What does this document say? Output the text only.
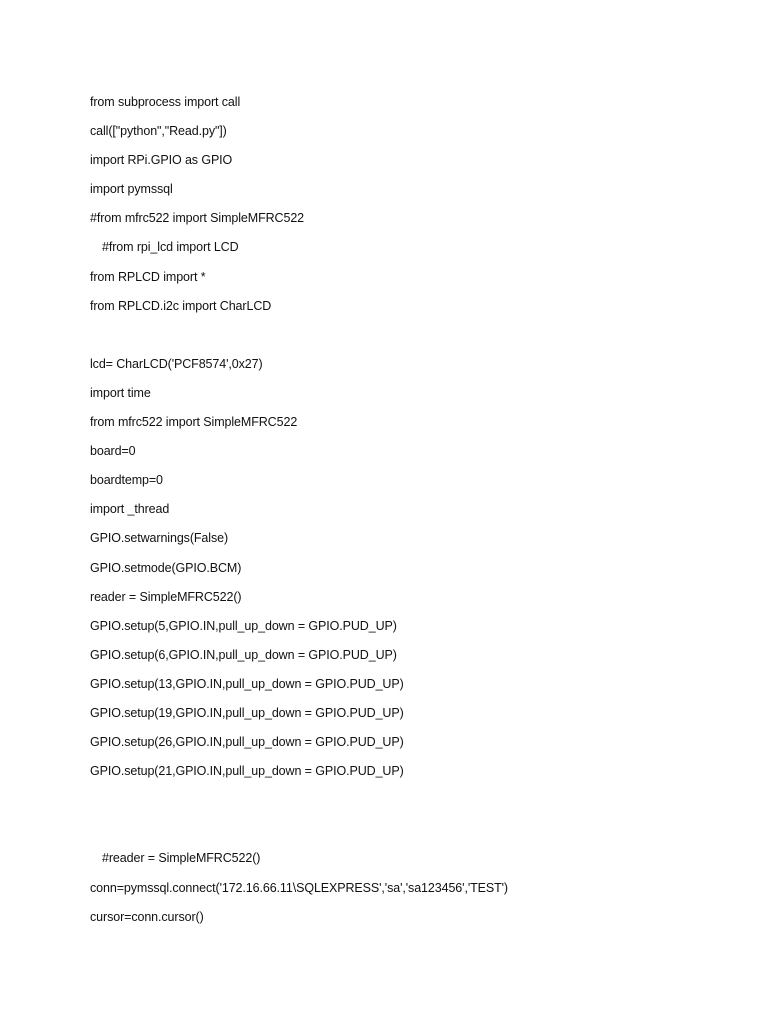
from subprocess import call
call(["python","Read.py"])
import RPi.GPIO as GPIO
import pymssql
#from mfrc522 import SimpleMFRC522
#from rpi_lcd import LCD
from RPLCD import *
from RPLCD.i2c import CharLCD
lcd= CharLCD('PCF8574',0x27)
import time
from mfrc522 import SimpleMFRC522
board=0
boardtemp=0
import _thread
GPIO.setwarnings(False)
GPIO.setmode(GPIO.BCM)
reader = SimpleMFRC522()
GPIO.setup(5,GPIO.IN,pull_up_down = GPIO.PUD_UP)
GPIO.setup(6,GPIO.IN,pull_up_down = GPIO.PUD_UP)
GPIO.setup(13,GPIO.IN,pull_up_down = GPIO.PUD_UP)
GPIO.setup(19,GPIO.IN,pull_up_down = GPIO.PUD_UP)
GPIO.setup(26,GPIO.IN,pull_up_down = GPIO.PUD_UP)
GPIO.setup(21,GPIO.IN,pull_up_down = GPIO.PUD_UP)
#reader = SimpleMFRC522()
conn=pymssql.connect('172.16.66.11\SQLEXPRESS','sa','sa123456','TEST')
cursor=conn.cursor()
